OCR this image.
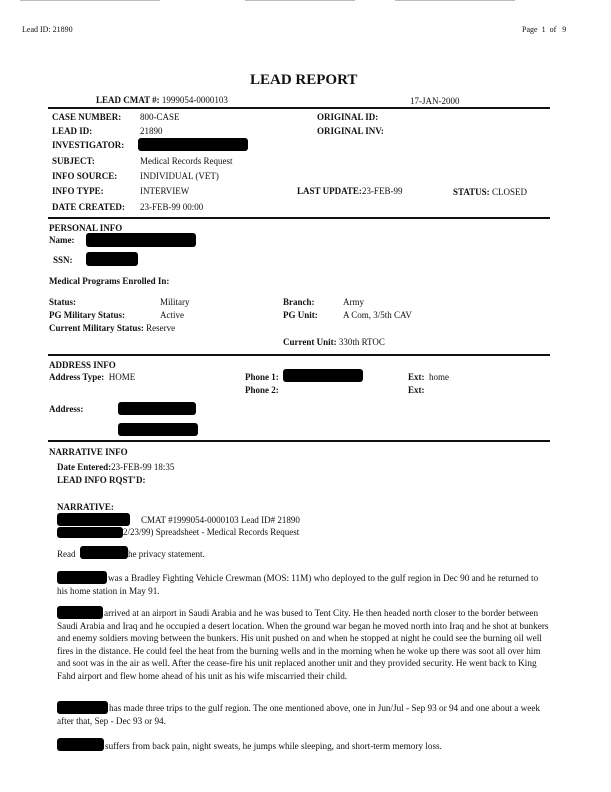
Lead ID: 21890	Page 1 of 9
LEAD REPORT
LEAD CMAT #: 1999054-0000103	17-JAN-2000
CASE NUMBER: 800-CASE	ORIGINAL ID:
LEAD ID:	21890	ORIGINAL INV:
INVESTIGATOR:
SUBJECT:	Medical Records Request
INFO SOURCE:	INDIVIDUAL (VET)
INFO TYPE:	INTERVIEW	LAST UPDATE:23-FEB-99	STATUS: CLOSED
DATE CREATED: 23-FEB-99 00:00
PERSONAL INFO
Name:
SSN:
Medical Programs Enrolled In:
Status:	Military	Branch:	Army
PG Military Status:	Active	PG Unit:	A Com, 3/5th CAV
Current Military Status: Reserve
Current Unit: 330th RTOC
ADDRESS INFO
Address Type: HOME	Phone 1:	Ext: home
Phone 2:	Ext:
Address:
NARRATIVE INFO
Date Entered:23-FEB-99 18:35
LEAD INFO RQST'D:
NARRATIVE:
CMAT #1999054-0000103 Lead ID# 21890
2/23/99) Spreadsheet - Medical Records Request
Read	he privacy statement.
was a Bradley Fighting Vehicle Crewman (MOS: 11M) who deployed to the gulf region in Dec 90 and he returned to his home station in May 91.
arrived at an airport in Saudi Arabia and he was bused to Tent City. He then headed north closer to the border between Saudi Arabia and Iraq and he occupied a desert location. When the ground war began he moved north into Iraq and he shot at bunkers and enemy soldiers moving between the bunkers. His unit pushed on and when he stopped at night he could see the burning oil well fires in the distance. He could feel the heat from the burning wells and in the morning when he woke up there was soot all over him and soot was in the air as well. After the cease-fire his unit replaced another unit and they provided security. He went back to King Fahd airport and flew home ahead of his unit as his wife miscarried their child.
has made three trips to the gulf region. The one mentioned above, one in Jun/Jul - Sep 93 or 94 and one about a week after that, Sep - Dec 93 or 94.
suffers from back pain, night sweats, he jumps while sleeping, and short-term memory loss.
